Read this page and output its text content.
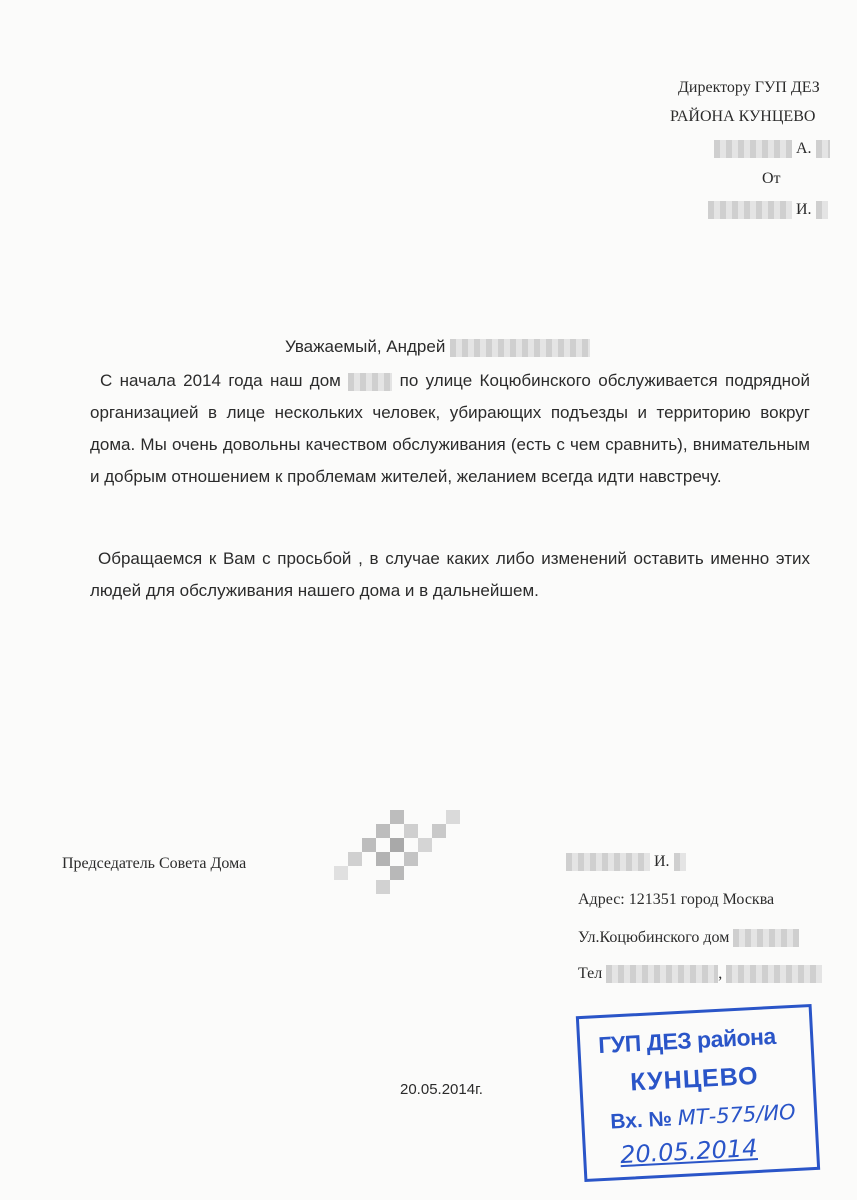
Директору ГУП ДЕЗ
РАЙОНА КУНЦЕВО
А.
От
И.
Уважаемый, Андрей
С начала 2014 года наш дом	по улице Коцюбинского обслуживается подрядной организацией в лице нескольких человек, убирающих подъезды и территорию вокруг дома. Мы очень довольны качеством обслуживания (есть с чем сравнить), внимательным и добрым отношением к проблемам жителей, желанием всегда идти навстречу.
Обращаемся к Вам с просьбой , в случае каких либо изменений оставить именно этих людей для обслуживания нашего дома и в дальнейшем.
Председатель Совета Дома	И.
Адрес: 121351 город Москва
Ул.Коцюбинского дом
Тел	,
20.05.2014г.
ГУП ДЕЗ района
КУНЦЕВО
Вх. № МТ-575/ИО
20.05.2014
